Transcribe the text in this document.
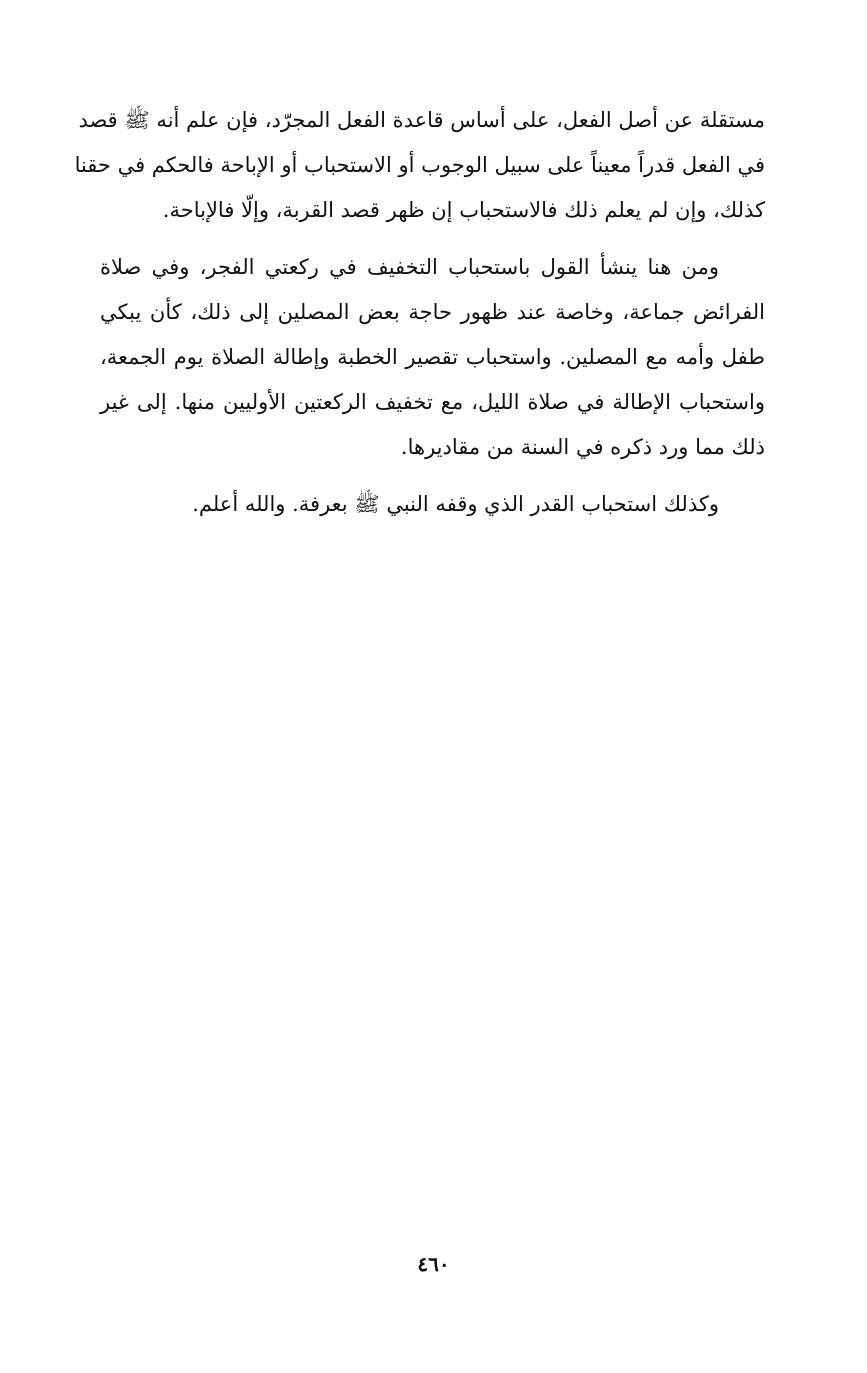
مستقلة عن أصل الفعل، على أساس قاعدة الفعل المجرّد، فإن علم أنه ﷺ قصد
في الفعل قدراً معيناً على سبيل الوجوب أو الاستحباب أو الإباحة فالحكم في حقنا
كذلك، وإن لم يعلم ذلك فالاستحباب إن ظهر قصد القربة، وإلّا فالإباحة.

ومن هنا ينشأ القول باستحباب التخفيف في ركعتي الفجر، وفي صلاة
الفرائض جماعة، وخاصة عند ظهور حاجة بعض المصلين إلى ذلك، كأن يبكي
طفل وأمه مع المصلين. واستحباب تقصير الخطبة وإطالة الصلاة يوم الجمعة،
واستحباب الإطالة في صلاة الليل، مع تخفيف الركعتين الأوليين منها. إلى غير
ذلك مما ورد ذكره في السنة من مقاديرها.

وكذلك استحباب القدر الذي وقفه النبي ﷺ بعرفة. والله أعلم.

٤٦٠
